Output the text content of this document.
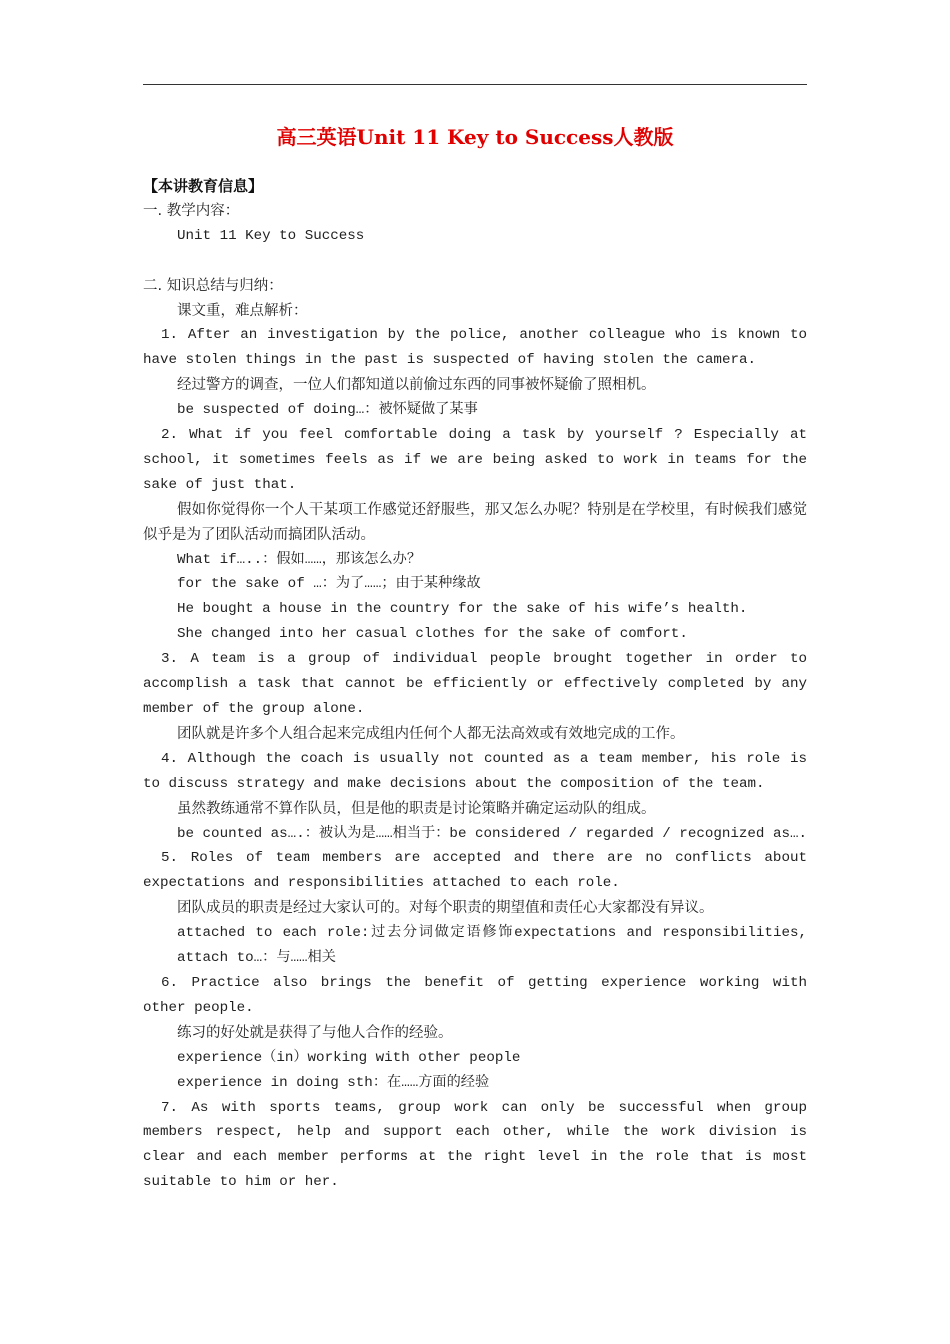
高三英语Unit 11 Key to Success人教版

【本讲教育信息】

一. 教学内容：

Unit 11 Key to Success

二. 知识总结与归纳：

课文重，难点解析：

1. After an investigation by the police, another colleague who is known to have stolen things in the past is suspected of having stolen the camera.

经过警方的调查，一位人们都知道以前偷过东西的同事被怀疑偷了照相机。

be suspected of doing…：被怀疑做了某事

2. What if you feel comfortable doing a task by yourself ? Especially at school, it sometimes feels as if we are being asked to work in teams for the sake of just that.

假如你觉得你一个人干某项工作感觉还舒服些，那又怎么办呢？特别是在学校里，有时候我们感觉似乎是为了团队活动而搞团队活动。

What if…..：假如……，那该怎么办？

for the sake of …：为了……；由于某种缘故

He bought a house in the country for the sake of his wife’s health.

She changed into her casual clothes for the sake of comfort.

3. A team is a group of individual people brought together in order to accomplish a task that cannot be efficiently or effectively completed by any member of the group alone.

团队就是许多个人组合起来完成组内任何个人都无法高效或有效地完成的工作。

4. Although the coach is usually not counted as a team member, his role is to discuss strategy and make decisions about the composition of the team.

虽然教练通常不算作队员，但是他的职责是讨论策略并确定运动队的组成。

be counted as….：被认为是……相当于：be considered / regarded / recognized as….

5. Roles of team members are accepted and there are no conflicts about expectations and responsibilities attached to each role.

团队成员的职责是经过大家认可的。对每个职责的期望值和责任心大家都没有异议。

attached to each role:过去分词做定语修饰expectations and responsibilities, attach to…：与……相关

6. Practice also brings the benefit of getting experience working with other people.

练习的好处就是获得了与他人合作的经验。

experience（in）working with other people

experience in doing sth：在……方面的经验

7. As with sports teams, group work can only be successful when group members respect, help and support each other, while the work division is clear and each member performs at the right level in the role that is most suitable to him or her.
